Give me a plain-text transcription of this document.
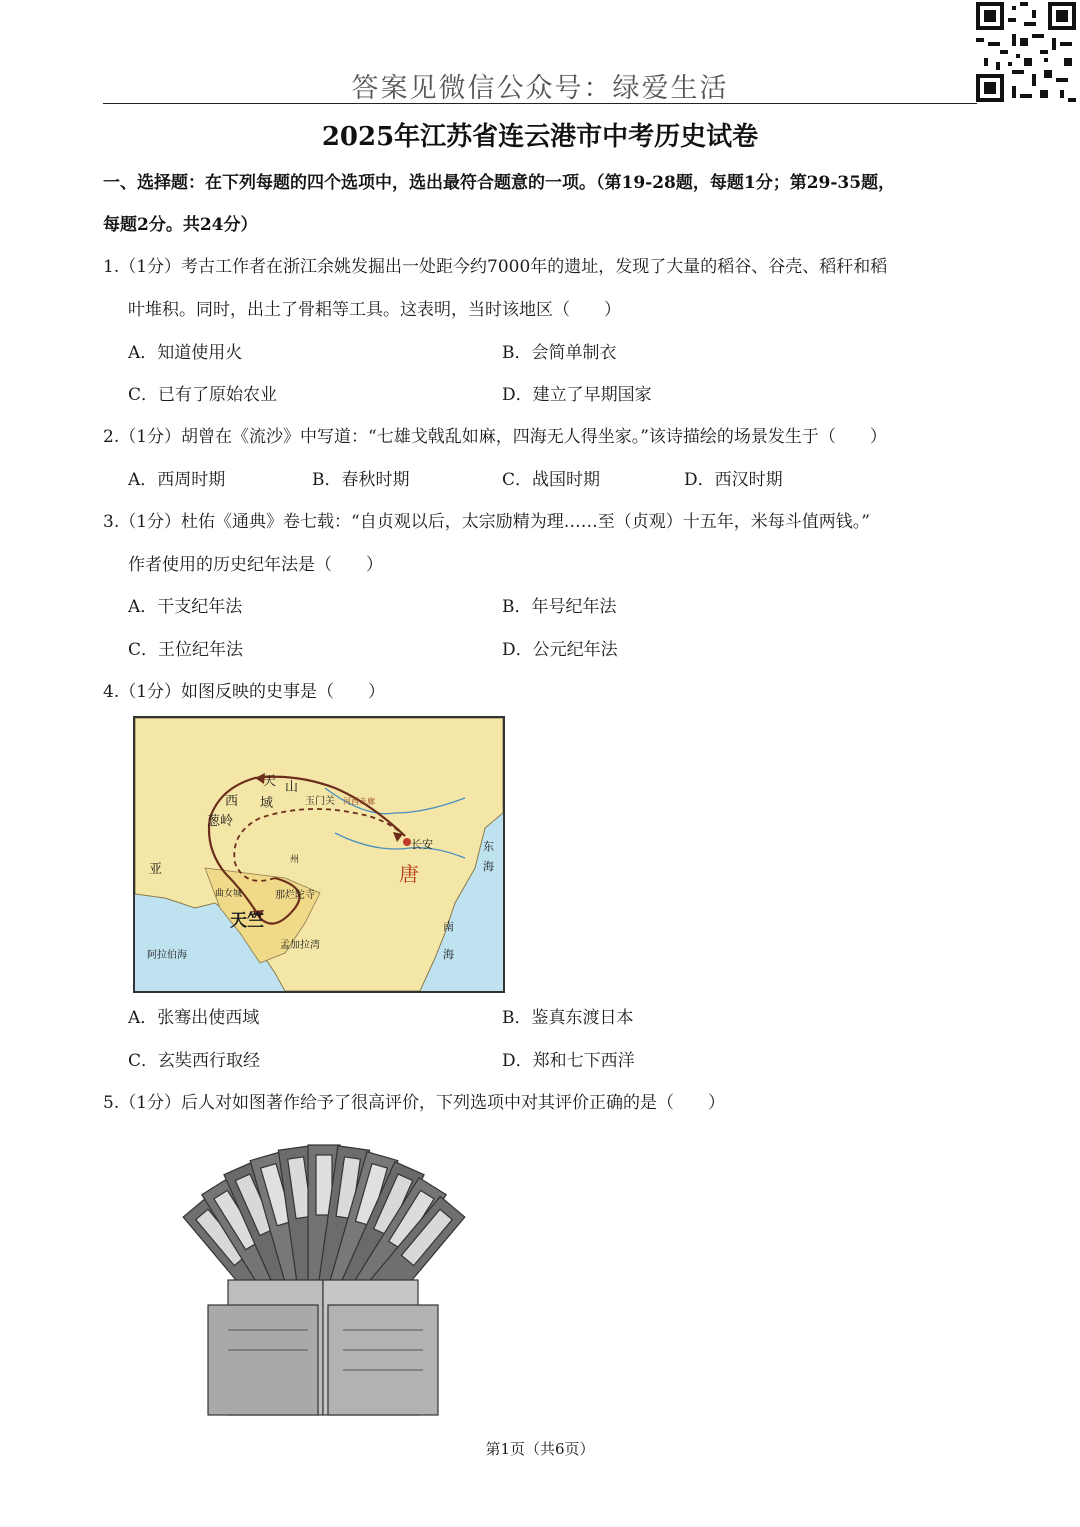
答案见微信公众号：绿爱生活
2025年江苏省连云港市中考历史试卷
一、选择题：在下列每题的四个选项中，选出最符合题意的一项。（第19-28题，每题1分；第29-35题，
每题2分。共24分）
1.（1分）考古工作者在浙江余姚发掘出一处距今约7000年的遗址，发现了大量的稻谷、谷壳、稻秆和稻
叶堆积。同时，出土了骨耜等工具。这表明，当时该地区（　　）
A．知道使用火	B．会简单制衣
C．已有了原始农业	D．建立了早期国家
2.（1分）胡曾在《流沙》中写道：“七雄戈戟乱如麻，四海无人得坐家。”该诗描绘的场景发生于（　　）
A．西周时期	B．春秋时期	C．战国时期	D．西汉时期
3.（1分）杜佑《通典》卷七载：“自贞观以后，太宗励精为理……至（贞观）十五年，米每斗值两钱。”
作者使用的历史纪年法是（　　）
A．干支纪年法	B．年号纪年法
C．王位纪年法	D．公元纪年法
4.（1分）如图反映的史事是（　　）
天 山
西 域	玉门关 河西走廊
葱岭
长安
唐
亚
州
曲女城	那烂陀寺
天竺
孟加拉湾
阿拉伯海
东
海
南
海
A．张骞出使西域	B．鉴真东渡日本
C．玄奘西行取经	D．郑和七下西洋
5.（1分）后人对如图著作给予了很高评价，下列选项中对其评价正确的是（　　）
第1页（共6页）
